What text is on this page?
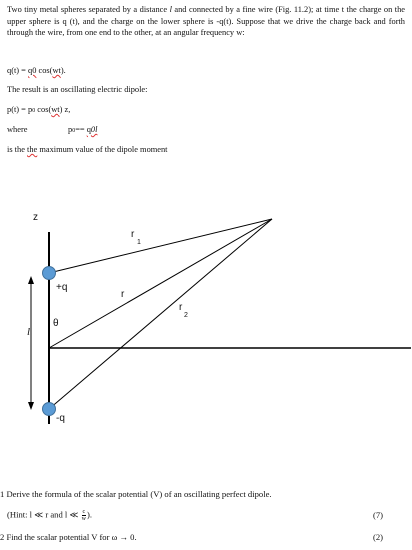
Two tiny metal spheres separated by a distance l and connected by a fine wire (Fig. 11.2); at time t the charge on the upper sphere is q (t), and the charge on the lower sphere is -q(t). Suppose that we drive the charge back and forth through the wire, from one end to the other, at an angular frequency w:
q(t) = q0 cos(wt).
The result is an oscillating electric dipole:
p(t) = p0 cos(wt) z,
where	p0== q0l
is the the maximum value of the dipole moment
z
r
1
r
r
2
+q
-q
θ
l
1 Derive the formula of the scalar potential (V) of an oscillating perfect dipole.
(Hint: l ≪ r and l ≪ $\frac{c}{w}$ ).	(7)
2 Find the scalar potential V for ω → 0.	(2)
